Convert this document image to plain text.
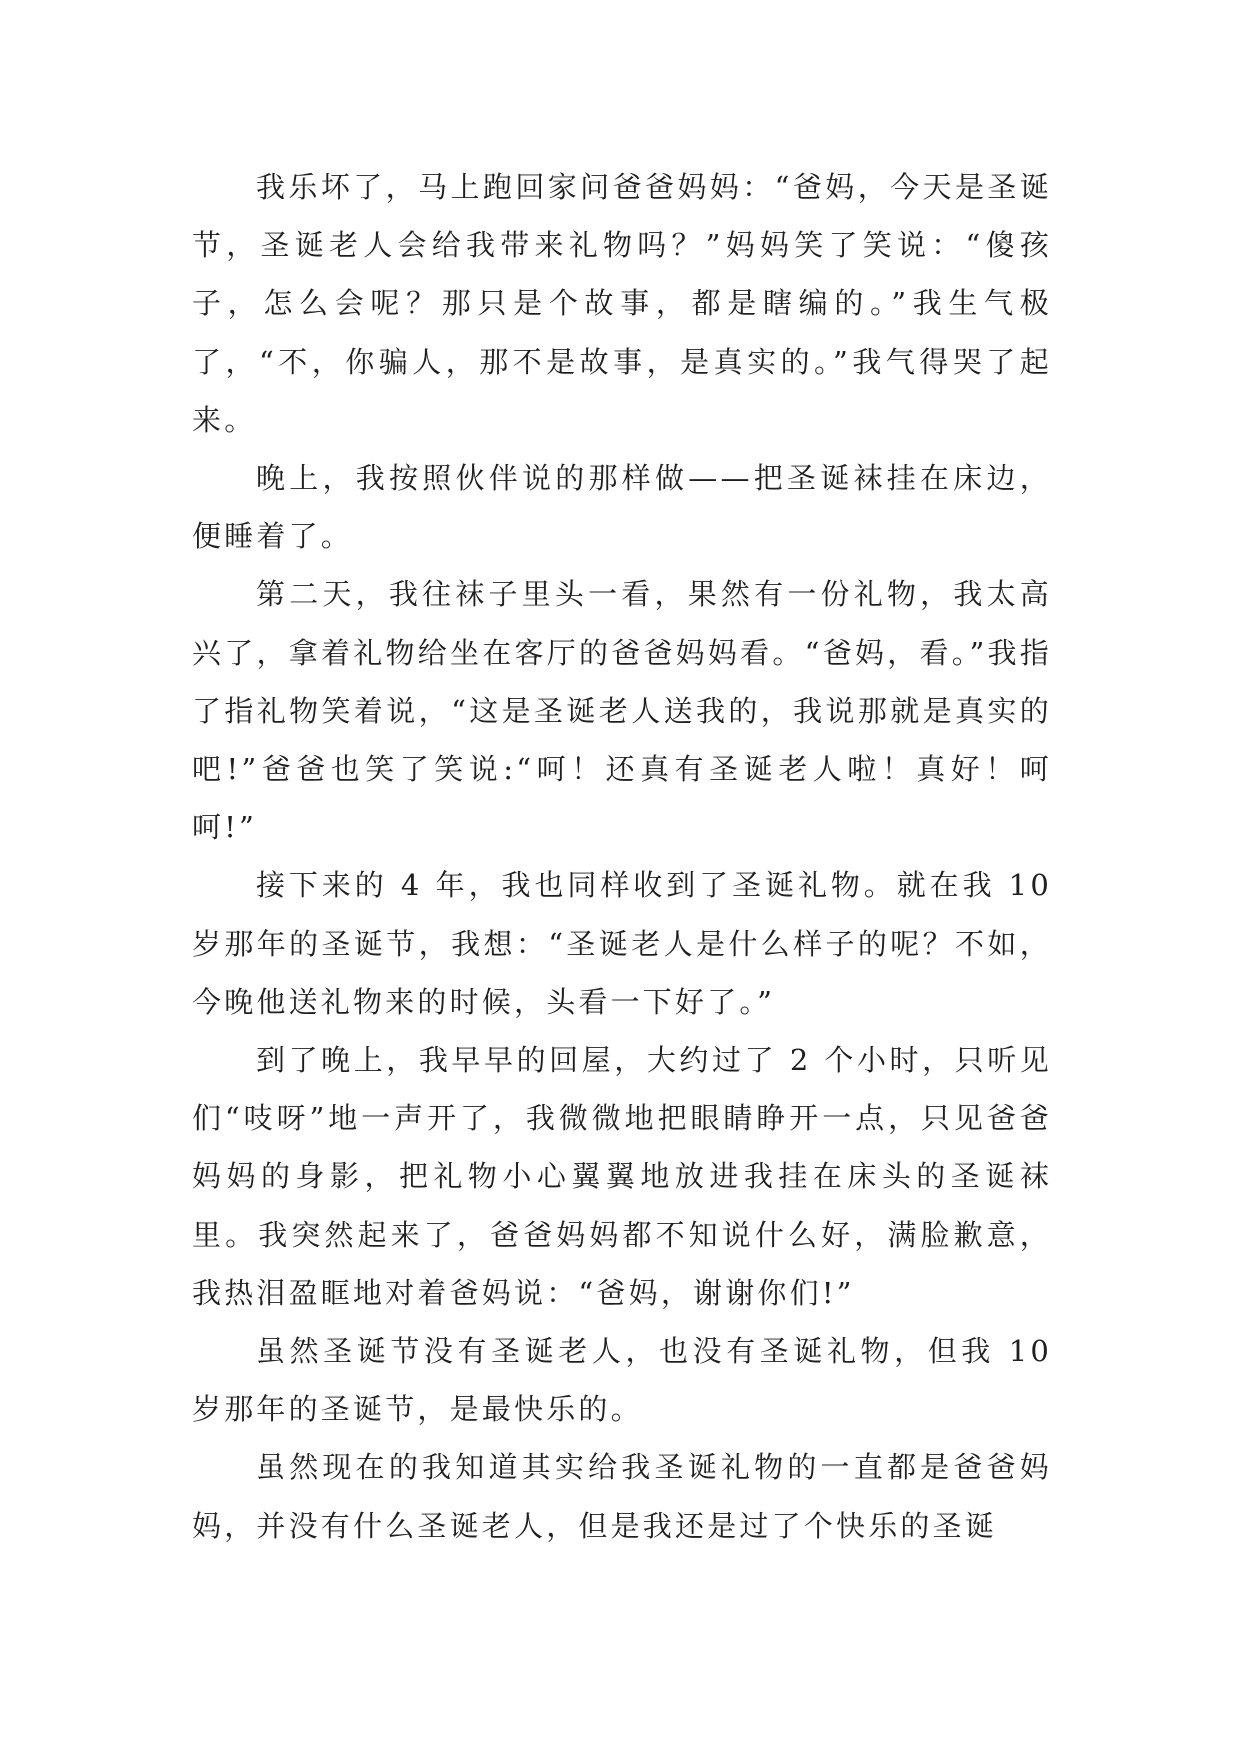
我乐坏了，马上跑回家问爸爸妈妈：“爸妈，今天是圣诞节，圣诞老人会给我带来礼物吗？”妈妈笑了笑说：“傻孩子，怎么会呢？那只是个故事，都是瞎编的。”我生气极了，“不，你骗人，那不是故事，是真实的。”我气得哭了起来。

晚上，我按照伙伴说的那样做——把圣诞袜挂在床边，便睡着了。

第二天，我往袜子里头一看，果然有一份礼物，我太高兴了，拿着礼物给坐在客厅的爸爸妈妈看。“爸妈，看。”我指了指礼物笑着说，“这是圣诞老人送我的，我说那就是真实的吧!”爸爸也笑了笑说:“呵！还真有圣诞老人啦！真好！呵呵!”

接下来的 4 年，我也同样收到了圣诞礼物。就在我 10 岁那年的圣诞节，我想：“圣诞老人是什么样子的呢？不如，今晚他送礼物来的时候，头看一下好了。”

到了晚上，我早早的回屋，大约过了 2 个小时，只听见们“吱呀”地一声开了，我微微地把眼睛睁开一点，只见爸爸妈妈的身影，把礼物小心翼翼地放进我挂在床头的圣诞袜里。我突然起来了，爸爸妈妈都不知说什么好，满脸歉意，我热泪盈眶地对着爸妈说：“爸妈，谢谢你们!”

虽然圣诞节没有圣诞老人，也没有圣诞礼物，但我 10 岁那年的圣诞节，是最快乐的。

虽然现在的我知道其实给我圣诞礼物的一直都是爸爸妈妈，并没有什么圣诞老人，但是我还是过了个快乐的圣诞
